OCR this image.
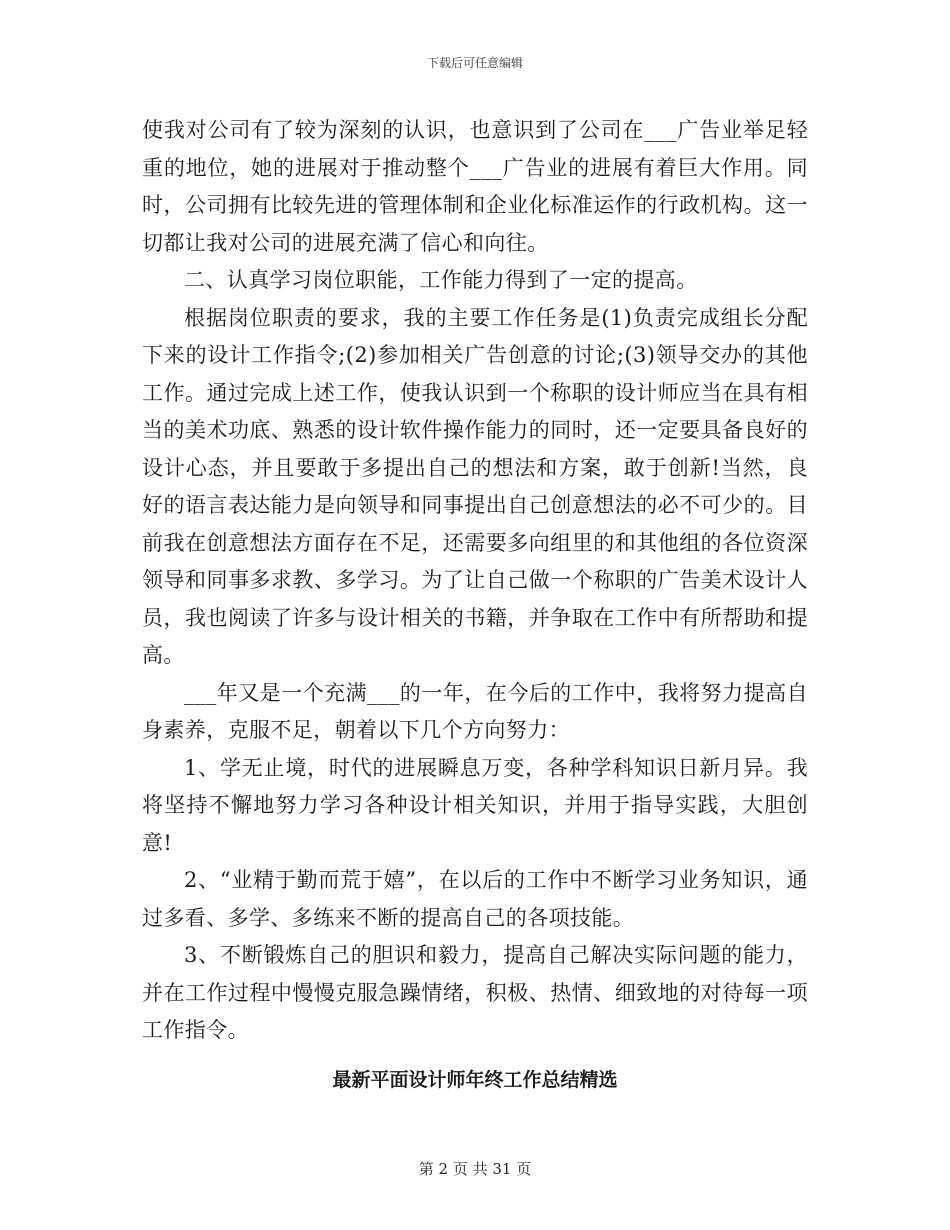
下载后可任意编辑

使我对公司有了较为深刻的认识，也意识到了公司在___广告业举足轻重的地位，她的进展对于推动整个___广告业的进展有着巨大作用。同时，公司拥有比较先进的管理体制和企业化标准运作的行政机构。这一切都让我对公司的进展充满了信心和向往。

二、认真学习岗位职能，工作能力得到了一定的提高。

根据岗位职责的要求，我的主要工作任务是(1)负责完成组长分配下来的设计工作指令;(2)参加相关广告创意的讨论;(3)领导交办的其他工作。通过完成上述工作，使我认识到一个称职的设计师应当在具有相当的美术功底、熟悉的设计软件操作能力的同时，还一定要具备良好的设计心态，并且要敢于多提出自己的想法和方案，敢于创新!当然，良好的语言表达能力是向领导和同事提出自己创意想法的必不可少的。目前我在创意想法方面存在不足，还需要多向组里的和其他组的各位资深领导和同事多求教、多学习。为了让自己做一个称职的广告美术设计人员，我也阅读了许多与设计相关的书籍，并争取在工作中有所帮助和提高。

___年又是一个充满___的一年，在今后的工作中，我将努力提高自身素养，克服不足，朝着以下几个方向努力：

1、学无止境，时代的进展瞬息万变，各种学科知识日新月异。我将坚持不懈地努力学习各种设计相关知识，并用于指导实践，大胆创意!

2、“业精于勤而荒于嬉”，在以后的工作中不断学习业务知识，通过多看、多学、多练来不断的提高自己的各项技能。

3、不断锻炼自己的胆识和毅力，提高自己解决实际问题的能力，并在工作过程中慢慢克服急躁情绪，积极、热情、细致地的对待每一项工作指令。

最新平面设计师年终工作总结精选
第 2 页 共 31 页
